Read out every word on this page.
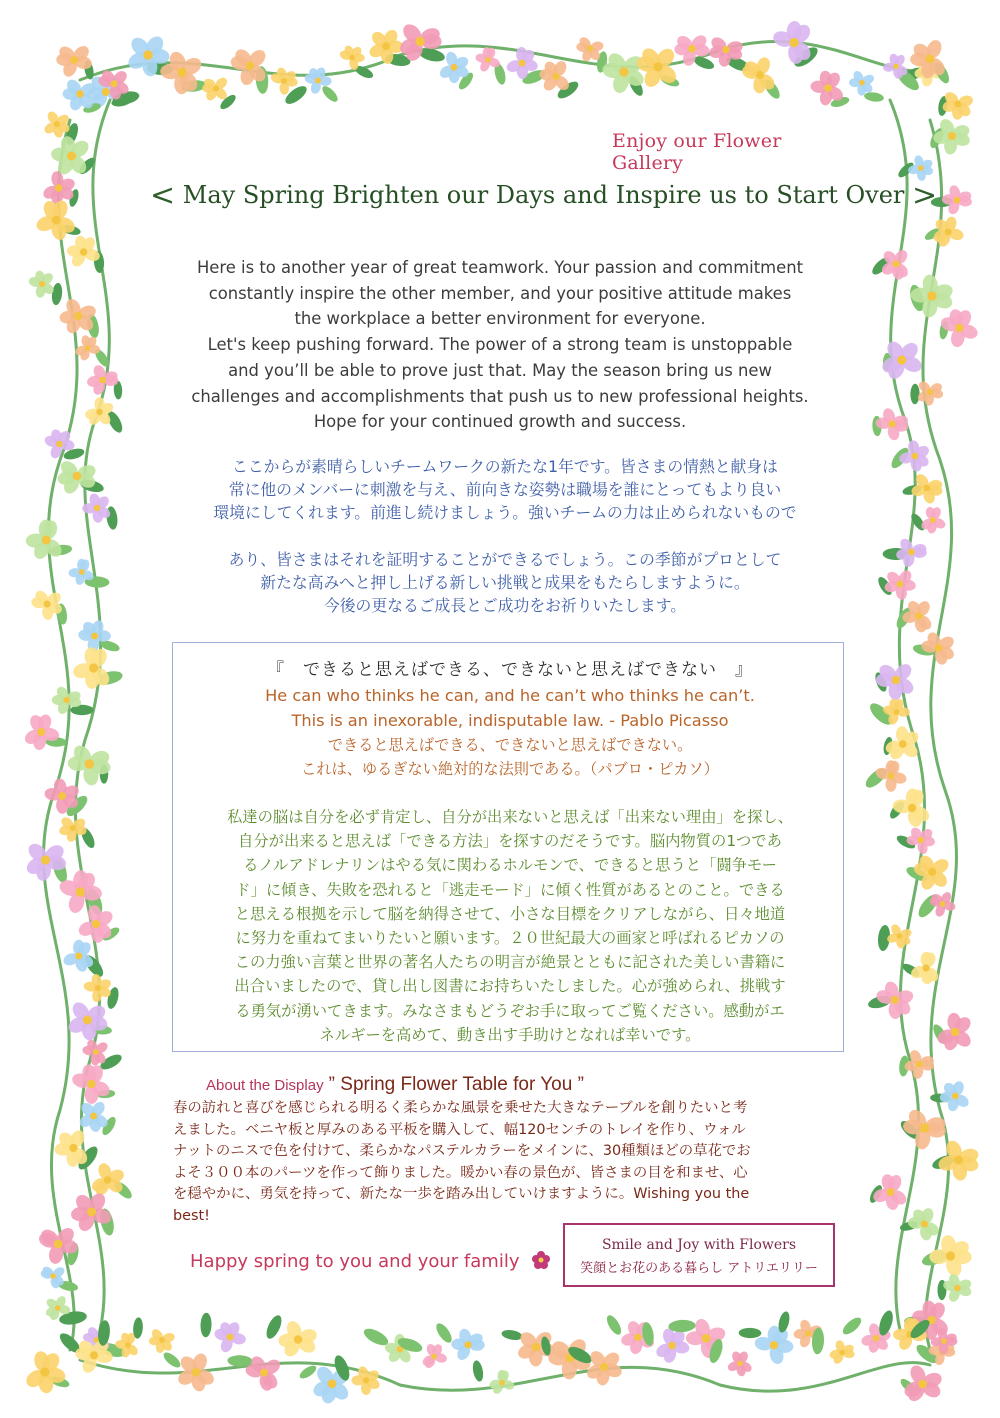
Enjoy our Flower Gallery
< May Spring Brighten our Days and Inspire us to Start Over >
Here is to another year of great teamwork. Your passion and commitment
constantly inspire the other member, and your positive attitude makes
the workplace a better environment for everyone.
Let's keep pushing forward. The power of a strong team is unstoppable
and you’ll be able to prove just that. May the season bring us new
challenges and accomplishments that push us to new professional heights.
Hope for your continued growth and success.
ここからが素晴らしいチームワークの新たな1年です。皆さまの情熱と献身は
常に他のメンバーに刺激を与え、前向きな姿勢は職場を誰にとってもより良い
環境にしてくれます。前進し続けましょう。強いチームの力は止められないもので
あり、皆さまはそれを証明することができるでしょう。この季節がプロとして
新たな高みへと押し上げる新しい挑戦と成果をもたらしますように。
今後の更なるご成長とご成功をお祈りいたします。
『　できると思えばできる、できないと思えばできない　』
He can who thinks he can, and he can’t who thinks he can’t.
This is an inexorable, indisputable law. - Pablo Picasso
できると思えばできる、できないと思えばできない。
これは、ゆるぎない絶対的な法則である。（パブロ・ピカソ）
私達の脳は自分を必ず肯定し、自分が出来ないと思えば「出来ない理由」を探し、
自分が出来ると思えば「できる方法」を探すのだそうです。脳内物質の1つであ
るノルアドレナリンはやる気に関わるホルモンで、できると思うと「闘争モー
ド」に傾き、失敗を恐れると「逃走モード」に傾く性質があるとのこと。できる
と思える根拠を示して脳を納得させて、小さな目標をクリアしながら、日々地道
に努力を重ねてまいりたいと願います。２０世紀最大の画家と呼ばれるピカソの
この力強い言葉と世界の著名人たちの明言が絶景とともに記された美しい書籍に
出合いましたので、貸し出し図書にお持ちいたしました。心が強められ、挑戦す
る勇気が湧いてきます。みなさまもどうぞお手に取ってご覧ください。感動がエ
ネルギーを高めて、動き出す手助けとなれば幸いです。
About the Display ” Spring Flower Table for You ”
春の訪れと喜びを感じられる明るく柔らかな風景を乗せた大きなテーブルを創りたいと考
えました。ベニヤ板と厚みのある平板を購入して、幅120センチのトレイを作り、ウォル
ナットのニスで色を付けて、柔らかなパステルカラーをメインに、30種類ほどの草花でお
よそ３００本のパーツを作って飾りました。暖かい春の景色が、皆さまの目を和ませ、心
を穏やかに、勇気を持って、新たな一歩を踏み出していけますように。Wishing you the
best!
Happy spring to you and your family
Smile and Joy with Flowers
笑顔とお花のある暮らし アトリエリリー
